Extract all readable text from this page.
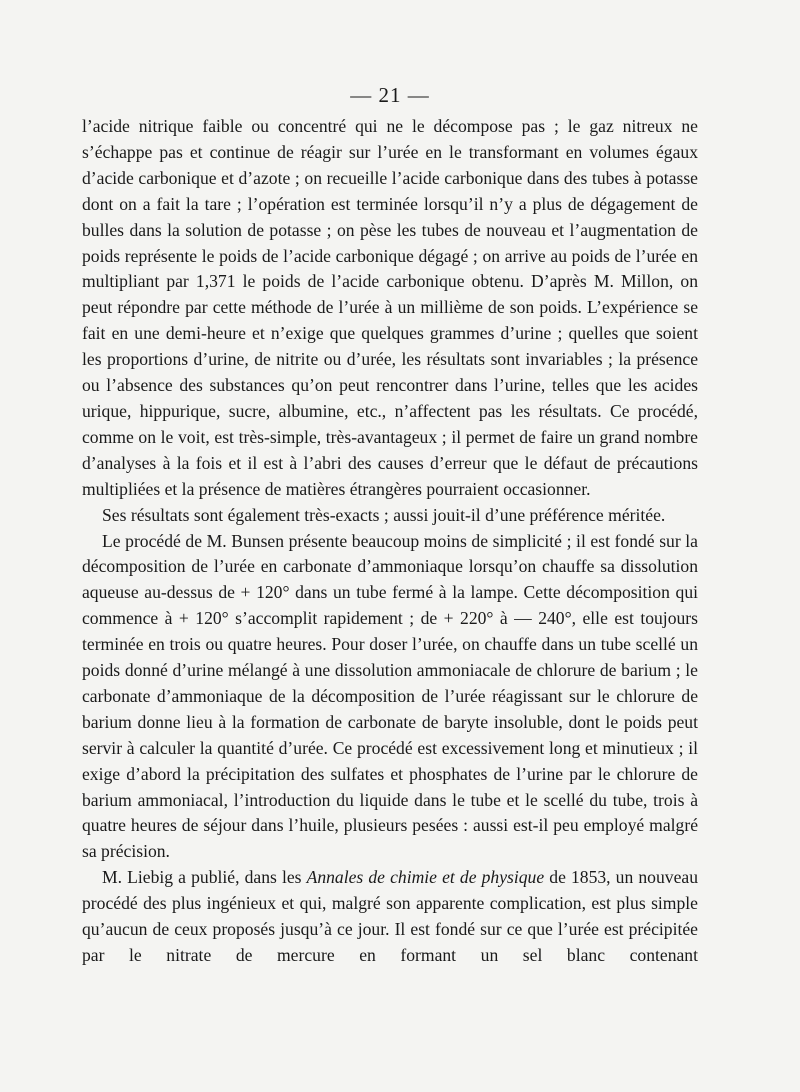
— 21 —

l’acide nitrique faible ou concentré qui ne le décompose pas ; le gaz nitreux ne s’échappe pas et continue de réagir sur l’urée en le transformant en volumes égaux d’acide carbonique et d’azote ; on recueille l’acide carbonique dans des tubes à potasse dont on a fait la tare ; l’opération est terminée lorsqu’il n’y a plus de dégagement de bulles dans la solution de potasse ; on pèse les tubes de nouveau et l’augmentation de poids représente le poids de l’acide carbonique dégagé ; on arrive au poids de l’urée en multipliant par 1,371 le poids de l’acide carbonique obtenu. D’après M. Millon, on peut répondre par cette méthode de l’urée à un millième de son poids. L’expérience se fait en une demi-heure et n’exige que quelques grammes d’urine ; quelles que soient les proportions d’urine, de nitrite ou d’urée, les résultats sont invariables ; la présence ou l’absence des substances qu’on peut rencontrer dans l’urine, telles que les acides urique, hippurique, sucre, albumine, etc., n’affectent pas les résultats. Ce procédé, comme on le voit, est très-simple, très-avantageux ; il permet de faire un grand nombre d’analyses à la fois et il est à l’abri des causes d’erreur que le défaut de précautions multipliées et la présence de matières étrangères pourraient occasionner.

Ses résultats sont également très-exacts ; aussi jouit-il d’une préférence méritée.

Le procédé de M. Bunsen présente beaucoup moins de simplicité ; il est fondé sur la décomposition de l’urée en carbonate d’ammoniaque lorsqu’on chauffe sa dissolution aqueuse au-dessus de + 120° dans un tube fermé à la lampe. Cette décomposition qui commence à + 120° s’accomplit rapidement ; de + 220° à — 240°, elle est toujours terminée en trois ou quatre heures. Pour doser l’urée, on chauffe dans un tube scellé un poids donné d’urine mélangé à une dissolution ammoniacale de chlorure de barium ; le carbonate d’ammoniaque de la décomposition de l’urée réagissant sur le chlorure de barium donne lieu à la formation de carbonate de baryte insoluble, dont le poids peut servir à calculer la quantité d’urée. Ce procédé est excessivement long et minutieux ; il exige d’abord la précipitation des sulfates et phosphates de l’urine par le chlorure de barium ammoniacal, l’introduction du liquide dans le tube et le scellé du tube, trois à quatre heures de séjour dans l’huile, plusieurs pesées : aussi est-il peu employé malgré sa précision.

M. Liebig a publié, dans les Annales de chimie et de physique de 1853, un nouveau procédé des plus ingénieux et qui, malgré son apparente complication, est plus simple qu’aucun de ceux proposés jusqu’à ce jour. Il est fondé sur ce que l’urée est précipitée par le nitrate de mercure en formant un sel blanc contenant
